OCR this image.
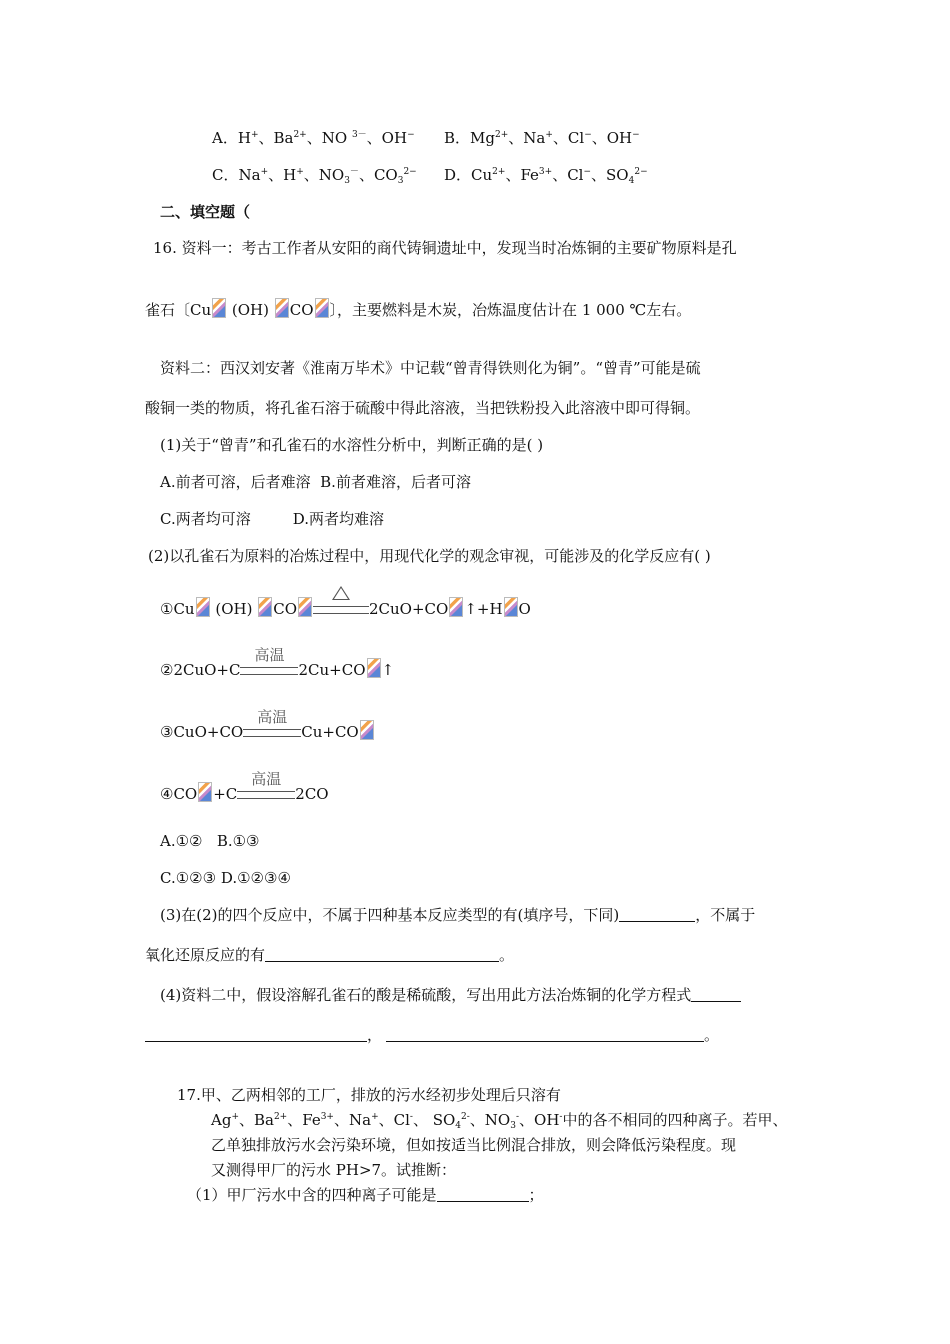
A．H+、$Ba^{2+}$、NO $^{3-}$、OH− B．$Mg^{2+}$、Na+、Cl−、OH−
C．Na+、H+、$NO_3^-$、$CO_3^{2-}$ D．$Cu^{2+}$、$Fe^{3+}$、Cl−、$SO_4^{2-}$
二、填空题（
16. 资料一：考古工作者从安阳的商代铸铜遗址中，发现当时冶炼铜的主要矿物原料是孔
雀石〔Cu (OH) CO 〕，主要燃料是木炭，冶炼温度估计在 1 000 ℃左右。
资料二：西汉刘安著《淮南万毕术》中记载“曾青得铁则化为铜”。“曾青”可能是硫
酸铜一类的物质，将孔雀石溶于硫酸中得此溶液，当把铁粉投入此溶液中即可得铜。
(1)关于“曾青”和孔雀石的水溶性分析中，判断正确的是( )
A.前者可溶，后者难溶 B.前者难溶，后者可溶
C.两者均可溶	D.两者均难溶
(2)以孔雀石为原料的冶炼过程中，用现代化学的观念审视，可能涉及的化学反应有( )
①Cu (OH) CO	2CuO+CO ↑+H O
②2CuO+C
高温
2Cu+CO ↑
③CuO+CO
高温
Cu+CO
④CO +C
高温
2CO
A.①② B.①③
C.①②③ D.①②③④
(3)在(2)的四个反应中，不属于四种基本反应类型的有(填序号，下同)	，不属于
氧化还原反应的有	。
(4)资料二中，假设溶解孔雀石的酸是稀硫酸，写出用此方法冶炼铜的化学方程式
，	。
17.甲、乙两相邻的工厂，排放的污水经初步处理后只溶有
Ag+、$Ba^{2+}$、$Fe^{3+}$、Na+、Cl-、 $SO_4^{2-}$、$NO_3^-$、OH-中的各不相同的四种离子。若甲、
乙单独排放污水会污染环境，但如按适当比例混合排放，则会降低污染程度。现
又测得甲厂的污水 PH>7。试推断：
（1）甲厂污水中含的四种离子可能是	；
